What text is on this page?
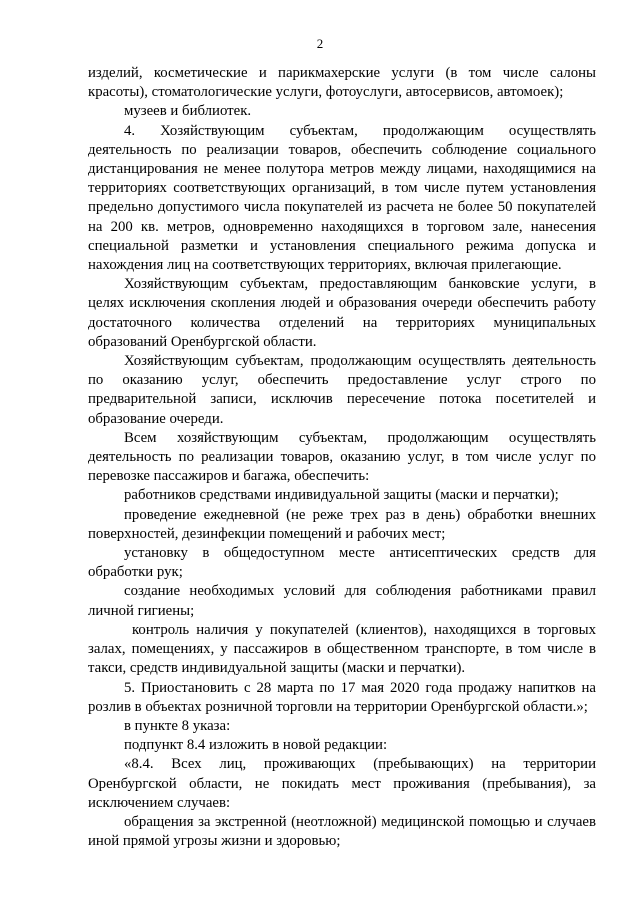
2

изделий, косметические и парикмахерские услуги (в том числе салоны красоты), стоматологические услуги, фотоуслуги, автосервисов, автомоек);

музеев и библиотек.

4. Хозяйствующим субъектам, продолжающим осуществлять деятельность по реализации товаров, обеспечить соблюдение социального дистанцирования не менее полутора метров между лицами, находящимися на территориях соответствующих организаций, в том числе путем установления предельно допустимого числа покупателей из расчета не более 50 покупателей на 200 кв. метров, одновременно находящихся в торговом зале, нанесения специальной разметки и установления специального режима допуска и нахождения лиц на соответствующих территориях, включая прилегающие.

Хозяйствующим субъектам, предоставляющим банковские услуги, в целях исключения скопления людей и образования очереди обеспечить работу достаточного количества отделений на территориях муниципальных образований Оренбургской области.

Хозяйствующим субъектам, продолжающим осуществлять деятельность по оказанию услуг, обеспечить предоставление услуг строго по предварительной записи, исключив пересечение потока посетителей и образование очереди.

Всем хозяйствующим субъектам, продолжающим осуществлять деятельность по реализации товаров, оказанию услуг, в том числе услуг по перевозке пассажиров и багажа, обеспечить:

работников средствами индивидуальной защиты (маски и перчатки);

проведение ежедневной (не реже трех раз в день) обработки внешних поверхностей, дезинфекции помещений и рабочих мест;

установку в общедоступном месте антисептических средств для обработки рук;

создание необходимых условий для соблюдения работниками правил личной гигиены;

контроль наличия у покупателей (клиентов), находящихся в торговых залах, помещениях, у пассажиров в общественном транспорте, в том числе в такси, средств индивидуальной защиты (маски и перчатки).

5. Приостановить с 28 марта по 17 мая 2020 года продажу напитков на розлив в объектах розничной торговли на территории Оренбургской области.»;

в пункте 8 указа:

подпункт 8.4 изложить в новой редакции:

«8.4. Всех лиц, проживающих (пребывающих) на территории Оренбургской области, не покидать мест проживания (пребывания), за исключением случаев:

обращения за экстренной (неотложной) медицинской помощью и случаев иной прямой угрозы жизни и здоровью;
